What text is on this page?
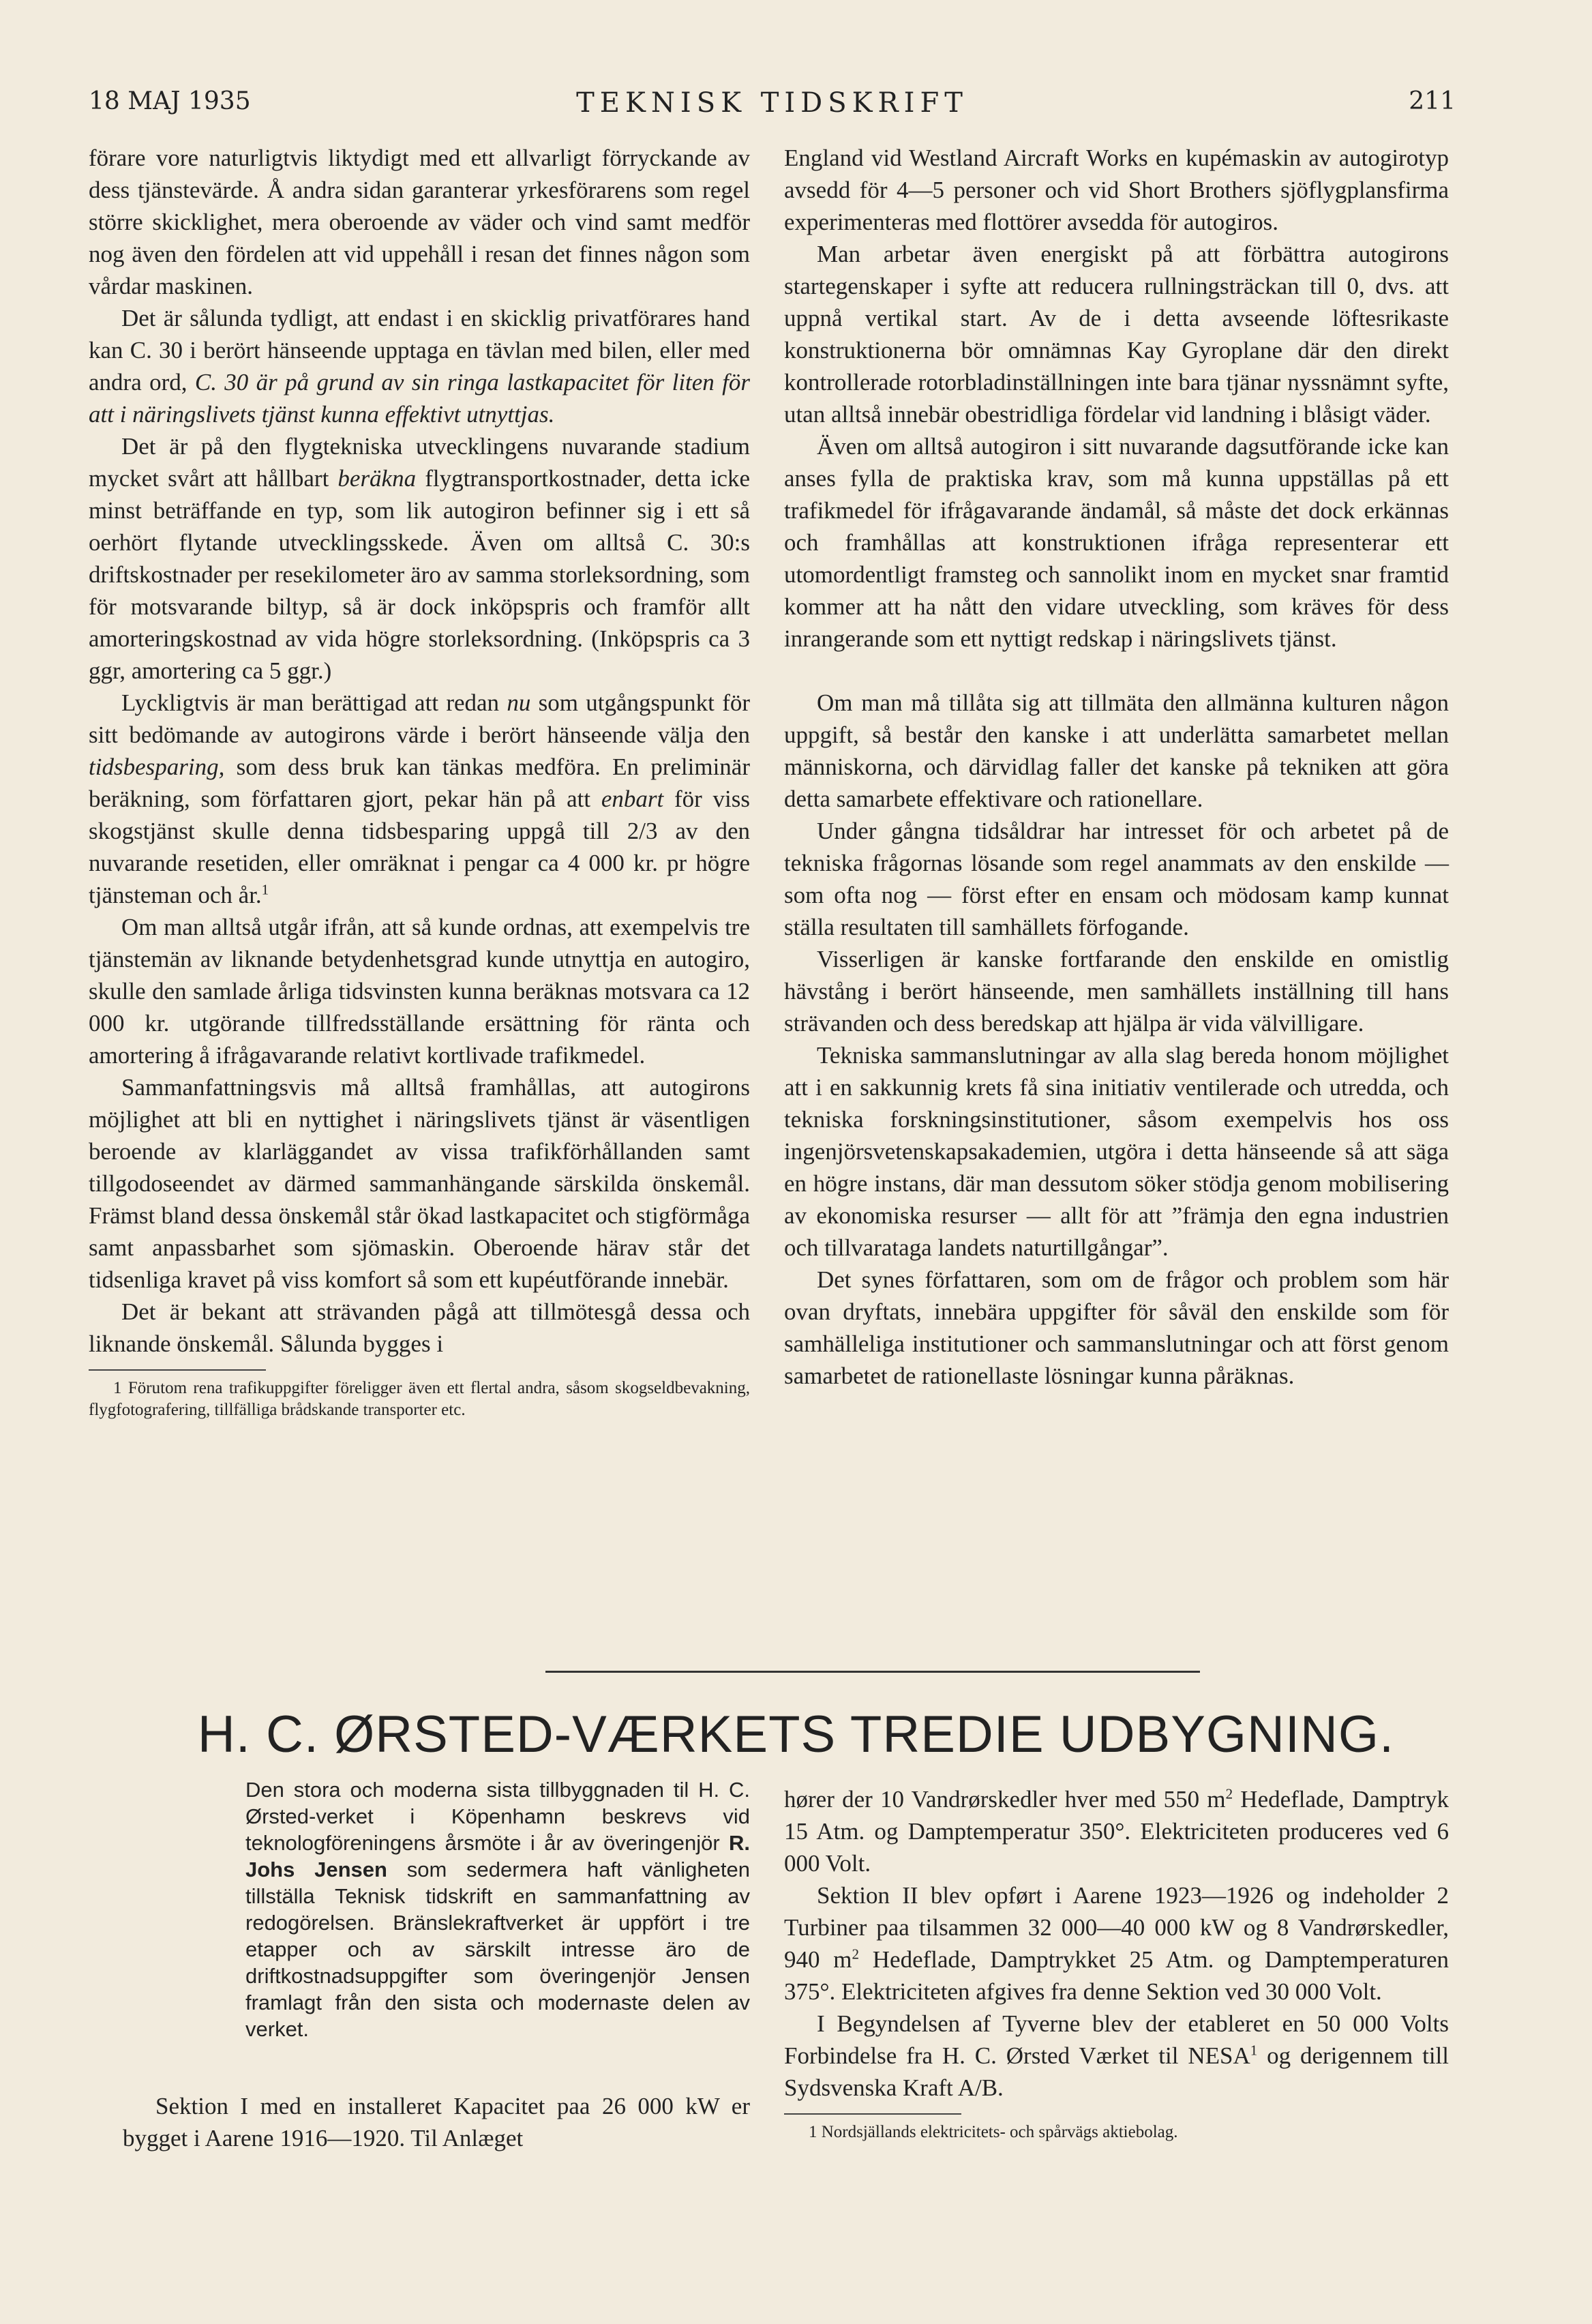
18 MAJ 1935	TEKNISK TIDSKRIFT	211

förare vore naturligtvis liktydigt med ett allvarligt förryckande av dess tjänstevärde. Å andra sidan garanterar yrkesförarens som regel större skicklighet, mera oberoende av väder och vind samt medför nog även den fördelen att vid uppehåll i resan det finnes någon som vårdar maskinen.

Det är sålunda tydligt, att endast i en skicklig privatförares hand kan C. 30 i berört hänseende upptaga en tävlan med bilen, eller med andra ord, C. 30 är på grund av sin ringa lastkapacitet för liten för att i näringslivets tjänst kunna effektivt utnyttjas.

Det är på den flygtekniska utvecklingens nuvarande stadium mycket svårt att hållbart beräkna flygtransportkostnader, detta icke minst beträffande en typ, som lik autogiron befinner sig i ett så oerhört flytande utvecklingsskede. Även om alltså C. 30:s driftskostnader per resekilometer äro av samma storleksordning, som för motsvarande biltyp, så är dock inköpspris och framför allt amorteringskostnad av vida högre storleksordning. (Inköpspris ca 3 ggr, amortering ca 5 ggr.)

Lyckligtvis är man berättigad att redan nu som utgångspunkt för sitt bedömande av autogirons värde i berört hänseende välja den tidsbesparing, som dess bruk kan tänkas medföra. En preliminär beräkning, som författaren gjort, pekar hän på att enbart för viss skogstjänst skulle denna tidsbesparing uppgå till 2/3 av den nuvarande resetiden, eller omräknat i pengar ca 4 000 kr. pr högre tjänsteman och år.$^1$

Om man alltså utgår ifrån, att så kunde ordnas, att exempelvis tre tjänstemän av liknande betydenhetsgrad kunde utnyttja en autogiro, skulle den samlade årliga tidsvinsten kunna beräknas motsvara ca 12 000 kr. utgörande tillfredsställande ersättning för ränta och amortering å ifrågavarande relativt kortlivade trafikmedel.

Sammanfattningsvis må alltså framhållas, att autogirons möjlighet att bli en nyttighet i näringslivets tjänst är väsentligen beroende av klarläggandet av vissa trafikförhållanden samt tillgodoseendet av därmed sammanhängande särskilda önskemål. Främst bland dessa önskemål står ökad lastkapacitet och stigförmåga samt anpassbarhet som sjömaskin. Oberoende härav står det tidsenliga kravet på viss komfort så som ett kupéutförande innebär.

Det är bekant att strävanden pågå att tillmötesgå dessa och liknande önskemål. Sålunda bygges i

1 Förutom rena trafikuppgifter föreligger även ett flertal andra, såsom skogseldbevakning, flygfotografering, tillfälliga brådskande transporter etc.

England vid Westland Aircraft Works en kupémaskin av autogirotyp avsedd för 4—5 personer och vid Short Brothers sjöflygplansfirma experimenteras med flottörer avsedda för autogiros.

Man arbetar även energiskt på att förbättra autogirons startegenskaper i syfte att reducera rullningsträckan till 0, dvs. att uppnå vertikal start. Av de i detta avseende löftesrikaste konstruktionerna bör omnämnas Kay Gyroplane där den direkt kontrollerade rotorbladinställningen inte bara tjänar nyssnämnt syfte, utan alltså innebär obestridliga fördelar vid landning i blåsigt väder.

Även om alltså autogiron i sitt nuvarande dagsutförande icke kan anses fylla de praktiska krav, som må kunna uppställas på ett trafikmedel för ifrågavarande ändamål, så måste det dock erkännas och framhållas att konstruktionen ifråga representerar ett utomordentligt framsteg och sannolikt inom en mycket snar framtid kommer att ha nått den vidare utveckling, som kräves för dess inrangerande som ett nyttigt redskap i näringslivets tjänst.

Om man må tillåta sig att tillmäta den allmänna kulturen någon uppgift, så består den kanske i att underlätta samarbetet mellan människorna, och därvidlag faller det kanske på tekniken att göra detta samarbete effektivare och rationellare.

Under gångna tidsåldrar har intresset för och arbetet på de tekniska frågornas lösande som regel anammats av den enskilde — som ofta nog — först efter en ensam och mödosam kamp kunnat ställa resultaten till samhällets förfogande.

Visserligen är kanske fortfarande den enskilde en omistlig hävstång i berört hänseende, men samhällets inställning till hans strävanden och dess beredskap att hjälpa är vida välvilligare.

Tekniska sammanslutningar av alla slag bereda honom möjlighet att i en sakkunnig krets få sina initiativ ventilerade och utredda, och tekniska forskningsinstitutioner, såsom exempelvis hos oss ingenjörsvetenskapsakademien, utgöra i detta hänseende så att säga en högre instans, där man dessutom söker stödja genom mobilisering av ekonomiska resurser — allt för att ”främja den egna industrien och tillvarataga landets naturtillgångar”.

Det synes författaren, som om de frågor och problem som här ovan dryftats, innebära uppgifter för såväl den enskilde som för samhälleliga institutioner och sammanslutningar och att först genom samarbetet de rationellaste lösningar kunna påräknas.

H. C. ØRSTED-VÆRKETS TREDIE UDBYGNING.

Den stora och moderna sista tillbyggnaden til H. C. Ørsted-verket i Köpenhamn beskrevs vid teknologföreningens årsmöte i år av överingenjör R. Johs Jensen som sedermera haft vänligheten tillställa Teknisk tidskrift en sammanfattning av redogörelsen. Bränslekraftverket är uppfört i tre etapper och av särskilt intresse äro de driftkostnadsuppgifter som överingenjör Jensen framlagt från den sista och modernaste delen av verket.

Sektion I med en installeret Kapacitet paa 26 000 kW er bygget i Aarene 1916—1920. Til Anlæget

hører der 10 Vandrørskedler hver med 550 $m^2$ Hedeflade, Damptryk 15 Atm. og Damptemperatur 350°. Elektriciteten produceres ved 6 000 Volt.

Sektion II blev opført i Aarene 1923—1926 og indeholder 2 Turbiner paa tilsammen 32 000—40 000 kW og 8 Vandrørskedler, 940 $m^2$ Hedeflade, Damptrykket 25 Atm. og Damptemperaturen 375°. Elektriciteten afgives fra denne Sektion ved 30 000 Volt.

I Begyndelsen af Tyverne blev der etableret en 50 000 Volts Forbindelse fra H. C. Ørsted Værket til NESA$^1$ og derigennem till Sydsvenska Kraft A/B.

1 Nordsjällands elektricitets- och spårvägs aktiebolag.
